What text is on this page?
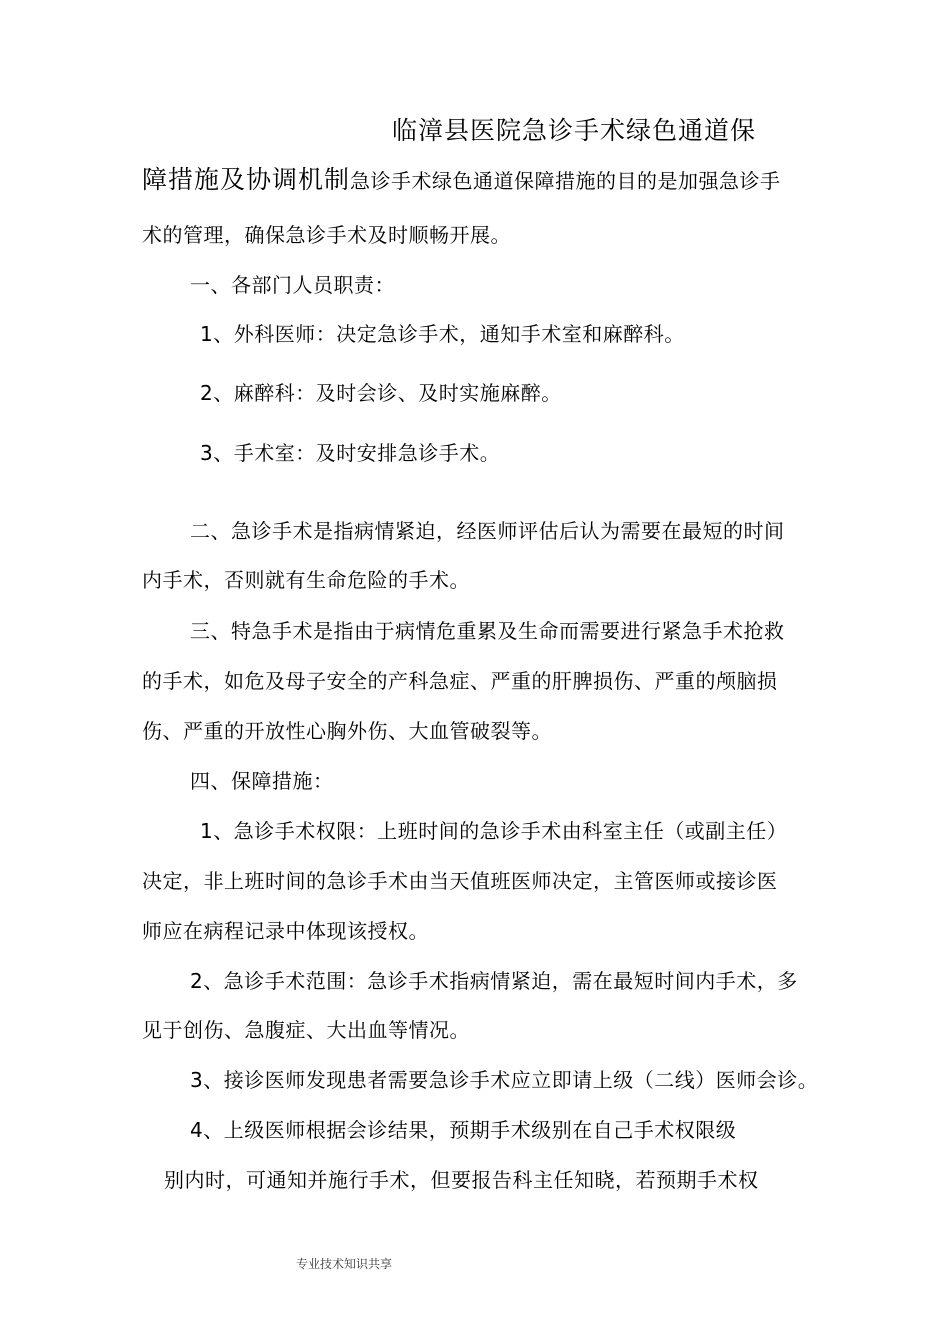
临漳县医院急诊手术绿色通道保
障措施及协调机制急诊手术绿色通道保障措施的目的是加强急诊手
术的管理，确保急诊手术及时顺畅开展。
一、各部门人员职责：
1、外科医师：决定急诊手术，通知手术室和麻醉科。
2、麻醉科：及时会诊、及时实施麻醉。
3、手术室：及时安排急诊手术。
二、急诊手术是指病情紧迫，经医师评估后认为需要在最短的时间
内手术，否则就有生命危险的手术。
三、特急手术是指由于病情危重累及生命而需要进行紧急手术抢救
的手术，如危及母子安全的产科急症、严重的肝脾损伤、严重的颅脑损
伤、严重的开放性心胸外伤、大血管破裂等。
四、保障措施：
1、急诊手术权限：上班时间的急诊手术由科室主任（或副主任）
决定，非上班时间的急诊手术由当天值班医师决定，主管医师或接诊医
师应在病程记录中体现该授权。
2、急诊手术范围：急诊手术指病情紧迫，需在最短时间内手术，多
见于创伤、急腹症、大出血等情况。
3、接诊医师发现患者需要急诊手术应立即请上级（二线）医师会诊。
4、上级医师根据会诊结果，预期手术级别在自己手术权限级
别内时，可通知并施行手术，但要报告科主任知晓，若预期手术权
专业技术知识共享
